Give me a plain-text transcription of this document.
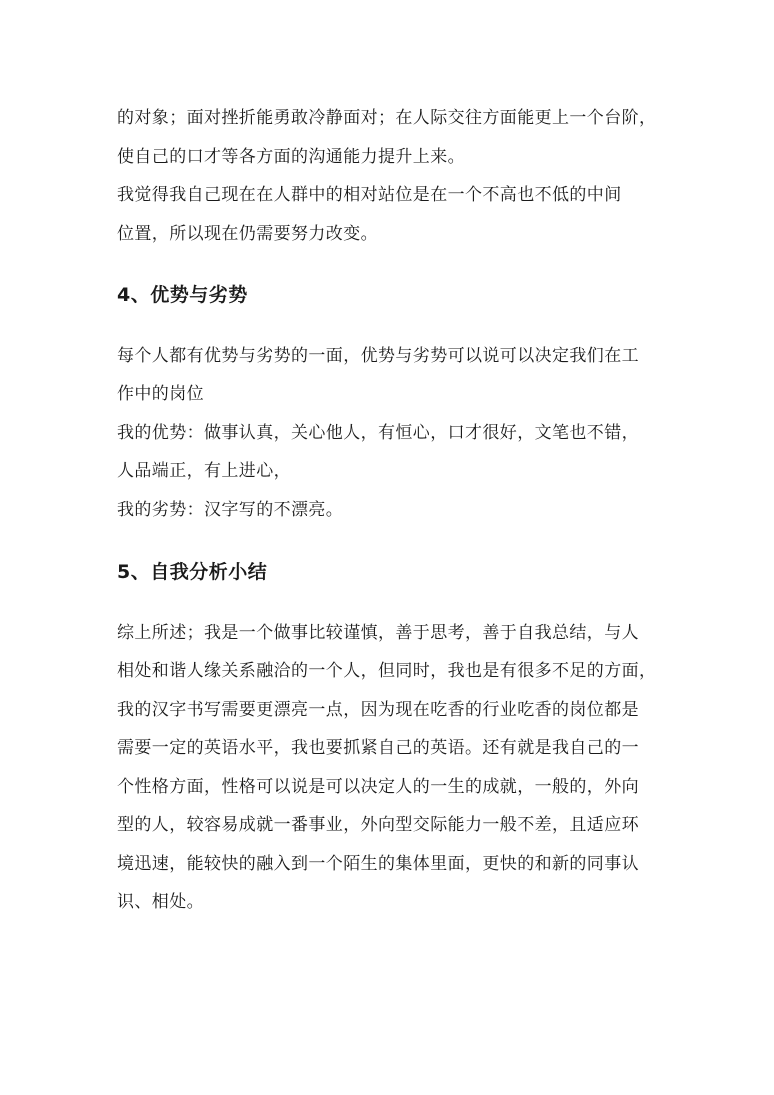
的对象；面对挫折能勇敢冷静面对；在人际交往方面能更上一个台阶，
使自己的口才等各方面的沟通能力提升上来。
我觉得我自己现在在人群中的相对站位是在一个不高也不低的中间
位置，所以现在仍需要努力改变。
4、优势与劣势
每个人都有优势与劣势的一面，优势与劣势可以说可以决定我们在工
作中的岗位
我的优势：做事认真，关心他人，有恒心，口才很好，文笔也不错，
人品端正，有上进心，
我的劣势：汉字写的不漂亮。
5、自我分析小结
综上所述；我是一个做事比较谨慎，善于思考，善于自我总结，与人
相处和谐人缘关系融洽的一个人，但同时，我也是有很多不足的方面，
我的汉字书写需要更漂亮一点，因为现在吃香的行业吃香的岗位都是
需要一定的英语水平，我也要抓紧自己的英语。还有就是我自己的一
个性格方面，性格可以说是可以决定人的一生的成就，一般的，外向
型的人，较容易成就一番事业，外向型交际能力一般不差，且适应环
境迅速，能较快的融入到一个陌生的集体里面，更快的和新的同事认
识、相处。
